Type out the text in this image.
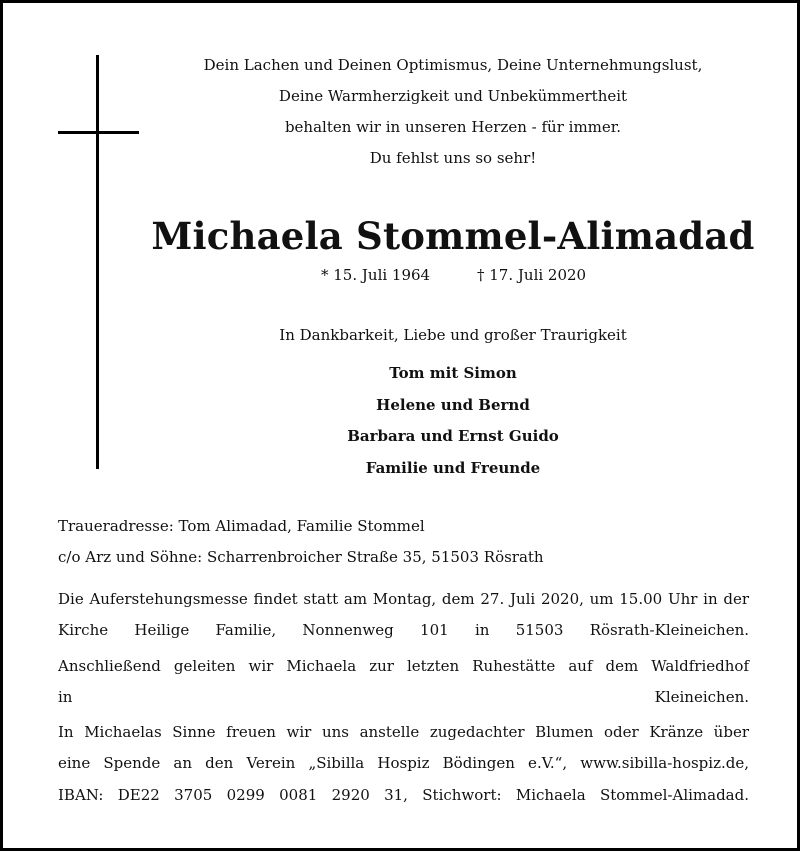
Dein Lachen und Deinen Optimismus, Deine Unternehmungslust,
Deine Warmherzigkeit und Unbekümmertheit
behalten wir in unseren Herzen - für immer.
Du fehlst uns so sehr!
Michaela Stommel-Alimadad
* 15. Juli 1964	† 17. Juli 2020
In Dankbarkeit, Liebe und großer Traurigkeit
Tom mit Simon
Helene und Bernd
Barbara und Ernst Guido
Familie und Freunde
Traueradresse: Tom Alimadad, Familie Stommel
c/o Arz und Söhne: Scharrenbroicher Straße 35, 51503 Rösrath
Die Auferstehungsmesse findet statt am Montag, dem 27. Juli 2020, um 15.00 Uhr in der
Kirche Heilige Familie, Nonnenweg 101 in 51503 Rösrath-Kleineichen.
Anschließend geleiten wir Michaela zur letzten Ruhestätte auf dem Waldfriedhof
in Kleineichen.
In Michaelas Sinne freuen wir uns anstelle zugedachter Blumen oder Kränze über
eine Spende an den Verein „Sibilla Hospiz Bödingen e.V.“, www.sibilla-hospiz.de,
IBAN: DE22 3705 0299 0081 2920 31, Stichwort: Michaela Stommel-Alimadad.
